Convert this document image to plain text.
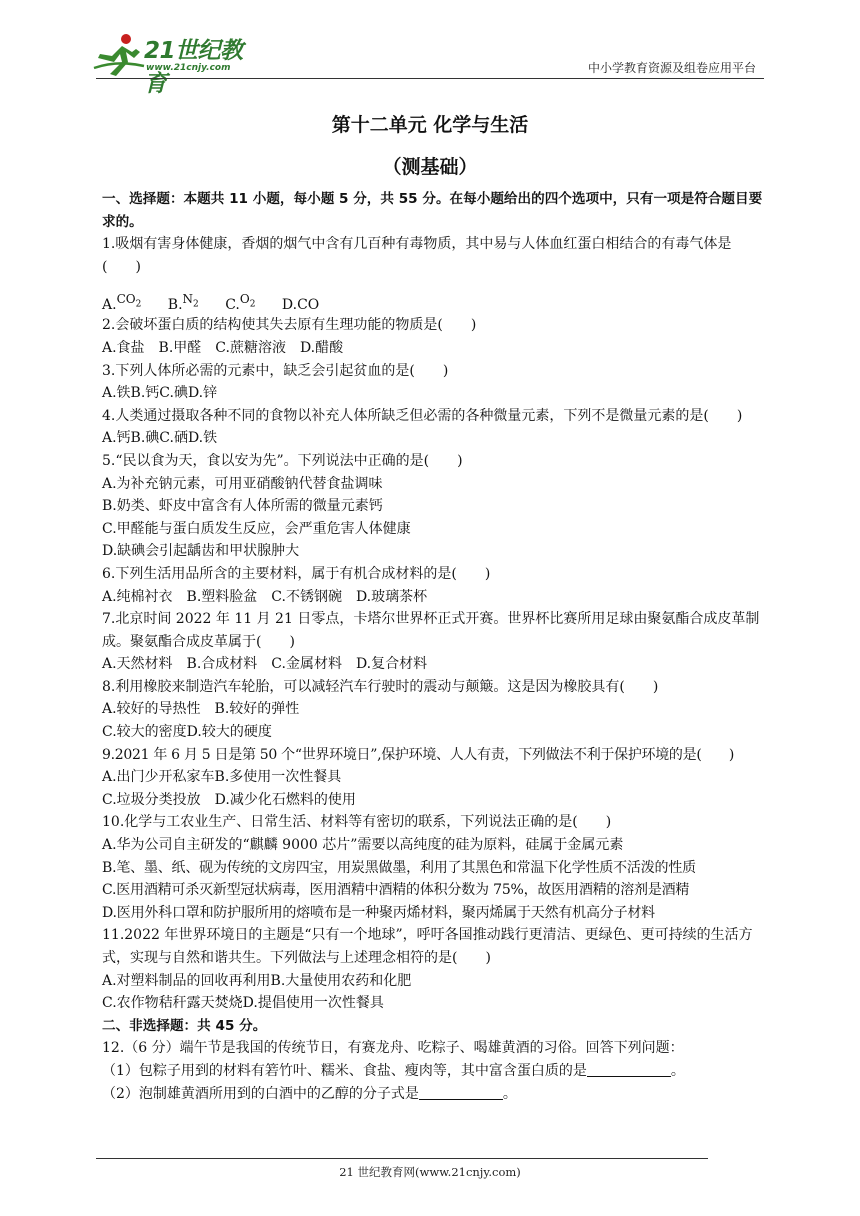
21世纪教育
www.21cnjy.com	中小学教育资源及组卷应用平台
第十二单元 化学与生活
（测基础）
一、选择题：本题共 11 小题，每小题 5 分，共 55 分。在每小题给出的四个选项中，只有一项是符合题目要求的。
1.吸烟有害身体健康，香烟的烟气中含有几百种有毒物质，其中易与人体血红蛋白相结合的有毒气体是(　　)
$A.CO_2$ $B.N_2$ $C.O_2$ D.CO
2.会破坏蛋白质的结构使其失去原有生理功能的物质是(　　)
A.食盐　B.甲醛　C.蔗糖溶液　D.醋酸
3.下列人体所必需的元素中，缺乏会引起贫血的是(　　)
A.铁B.钙C.碘D.锌
4.人类通过摄取各种不同的食物以补充人体所缺乏但必需的各种微量元素，下列不是微量元素的是(　　)
A.钙B.碘C.硒D.铁
5.“民以食为天，食以安为先”。下列说法中正确的是(　　)
A.为补充钠元素，可用亚硝酸钠代替食盐调味
B.奶类、虾皮中富含有人体所需的微量元素钙
C.甲醛能与蛋白质发生反应，会严重危害人体健康
D.缺碘会引起龋齿和甲状腺肿大
6.下列生活用品所含的主要材料，属于有机合成材料的是(　　)
A.纯棉衬衣　B.塑料脸盆　C.不锈钢碗　D.玻璃茶杯
7.北京时间 2022 年 11 月 21 日零点，卡塔尔世界杯正式开赛。世界杯比赛所用足球由聚氨酯合成皮革制成。聚氨酯合成皮革属于(　　)
A.天然材料　B.合成材料　C.金属材料　D.复合材料
8.利用橡胶来制造汽车轮胎，可以减轻汽车行驶时的震动与颠簸。这是因为橡胶具有(　　)
A.较好的导热性　B.较好的弹性
C.较大的密度D.较大的硬度
9.2021 年 6 月 5 日是第 50 个“世界环境日”,保护环境、人人有责，下列做法不利于保护环境的是(　　)
A.出门少开私家车B.多使用一次性餐具
C.垃圾分类投放　D.减少化石燃料的使用
10.化学与工农业生产、日常生活、材料等有密切的联系，下列说法正确的是(　　)
A.华为公司自主研发的“麒麟 9000 芯片”需要以高纯度的硅为原料，硅属于金属元素
B.笔、墨、纸、砚为传统的文房四宝，用炭黑做墨，利用了其黑色和常温下化学性质不活泼的性质
C.医用酒精可杀灭新型冠状病毒，医用酒精中酒精的体积分数为 75%，故医用酒精的溶剂是酒精
D.医用外科口罩和防护服所用的熔喷布是一种聚丙烯材料，聚丙烯属于天然有机高分子材料
11.2022 年世界环境日的主题是“只有一个地球”，呼吁各国推动践行更清洁、更绿色、更可持续的生活方式，实现与自然和谐共生。下列做法与上述理念相符的是(　　)
A.对塑料制品的回收再利用B.大量使用农药和化肥
C.农作物秸秆露天焚烧D.提倡使用一次性餐具
二、非选择题：共 45 分。
12.（6 分）端午节是我国的传统节日，有赛龙舟、吃粽子、喝雄黄酒的习俗。回答下列问题：
（1）包粽子用到的材料有箬竹叶、糯米、食盐、瘦肉等，其中富含蛋白质的是	。
（2）泡制雄黄酒所用到的白酒中的乙醇的分子式是	。
21 世纪教育网(www.21cnjy.com)
